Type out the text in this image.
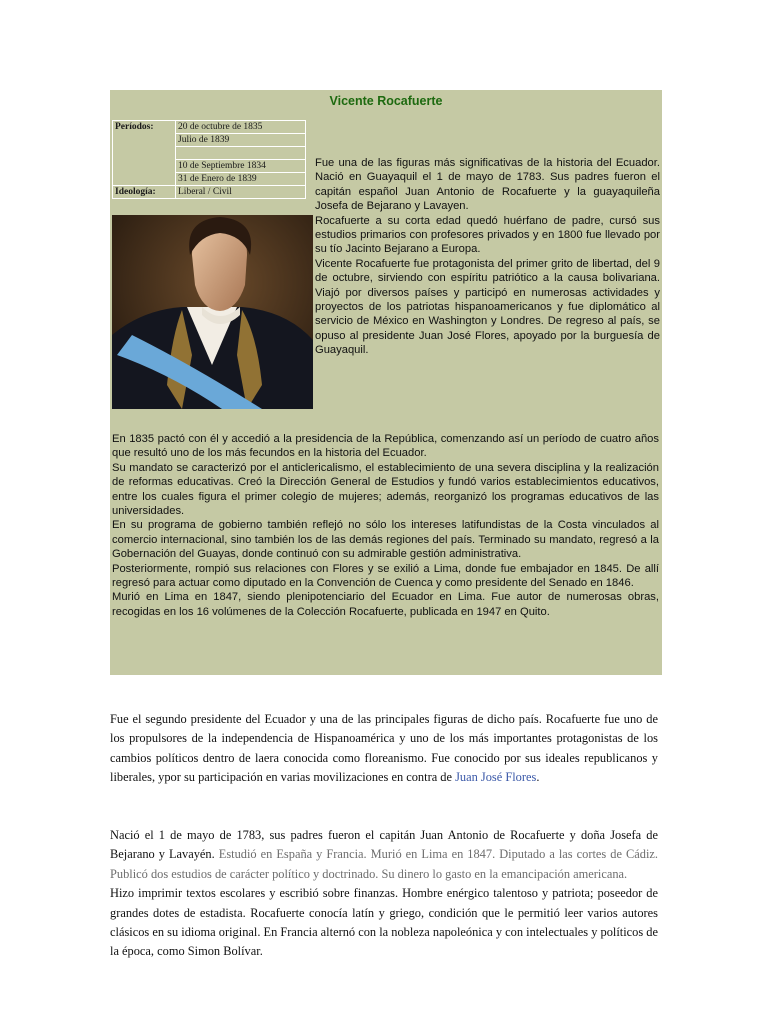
Vicente Rocafuerte
Períodos:	20 de octubre de 1835
	Julio de 1839

	10 de Septiembre 1834
	31 de Enero de 1839
Ideología:	Liberal / Civil
Fue una de las figuras más significativas de la historia del Ecuador. Nació en Guayaquil el 1 de mayo de 1783. Sus padres fueron el capitán español Juan Antonio de Rocafuerte y la guayaquileña Josefa de Bejarano y Lavayen.
Rocafuerte a su corta edad quedó huérfano de padre, cursó sus estudios primarios con profesores privados y en 1800 fue llevado por su tío Jacinto Bejarano a Europa.
Vicente Rocafuerte fue protagonista del primer grito de libertad, del 9 de octubre, sirviendo con espíritu patriótico a la causa bolivariana. Viajó por diversos países y participó en numerosas actividades y proyectos de los patriotas hispanoamericanos y fue diplomático al servicio de México en Washington y Londres. De regreso al país, se opuso al presidente Juan José Flores, apoyado por la burguesía de Guayaquil.
En 1835 pactó con él y accedió a la presidencia de la República, comenzando así un período de cuatro años que resultó uno de los más fecundos en la historia del Ecuador.
Su mandato se caracterizó por el anticlericalismo, el establecimiento de una severa disciplina y la realización de reformas educativas. Creó la Dirección General de Estudios y fundó varios establecimientos educativos, entre los cuales figura el primer colegio de mujeres; además, reorganizó los programas educativos de las universidades.
En su programa de gobierno también reflejó no sólo los intereses latifundistas de la Costa vinculados al comercio internacional, sino también los de las demás regiones del país. Terminado su mandato, regresó a la Gobernación del Guayas, donde continuó con su admirable gestión administrativa.
Posteriormente, rompió sus relaciones con Flores y se exilió a Lima, donde fue embajador en 1845. De allí regresó para actuar como diputado en la Convención de Cuenca y como presidente del Senado en 1846.
Murió en Lima en 1847, siendo plenipotenciario del Ecuador en Lima. Fue autor de numerosas obras, recogidas en los 16 volúmenes de la Colección Rocafuerte, publicada en 1947 en Quito.

Fue el segundo presidente del Ecuador y una de las principales figuras de dicho país. Rocafuerte fue uno de los propulsores de la independencia de Hispanoamérica y uno de los más importantes protagonistas de los cambios políticos dentro de laera conocida como floreanismo. Fue conocido por sus ideales republicanos y liberales, ypor su participación en varias movilizaciones en contra de Juan José Flores.

Nació el 1 de mayo de 1783, sus padres fueron el capitán Juan Antonio de Rocafuerte y doña Josefa de Bejarano y Lavayén. Estudió en España y Francia. Murió en Lima en 1847. Diputado a las cortes de Cádiz. Publicó dos estudios de carácter político y doctrinado. Su dinero lo gasto en la emancipación americana.
Hizo imprimir textos escolares y escribió sobre finanzas. Hombre enérgico talentoso y patriota; poseedor de grandes dotes de estadista. Rocafuerte conocía latín y griego, condición que le permitió leer varios autores clásicos en su idioma original. En Francia alternó con la nobleza napoleónica y con intelectuales y políticos de la época, como Simon Bolívar.
